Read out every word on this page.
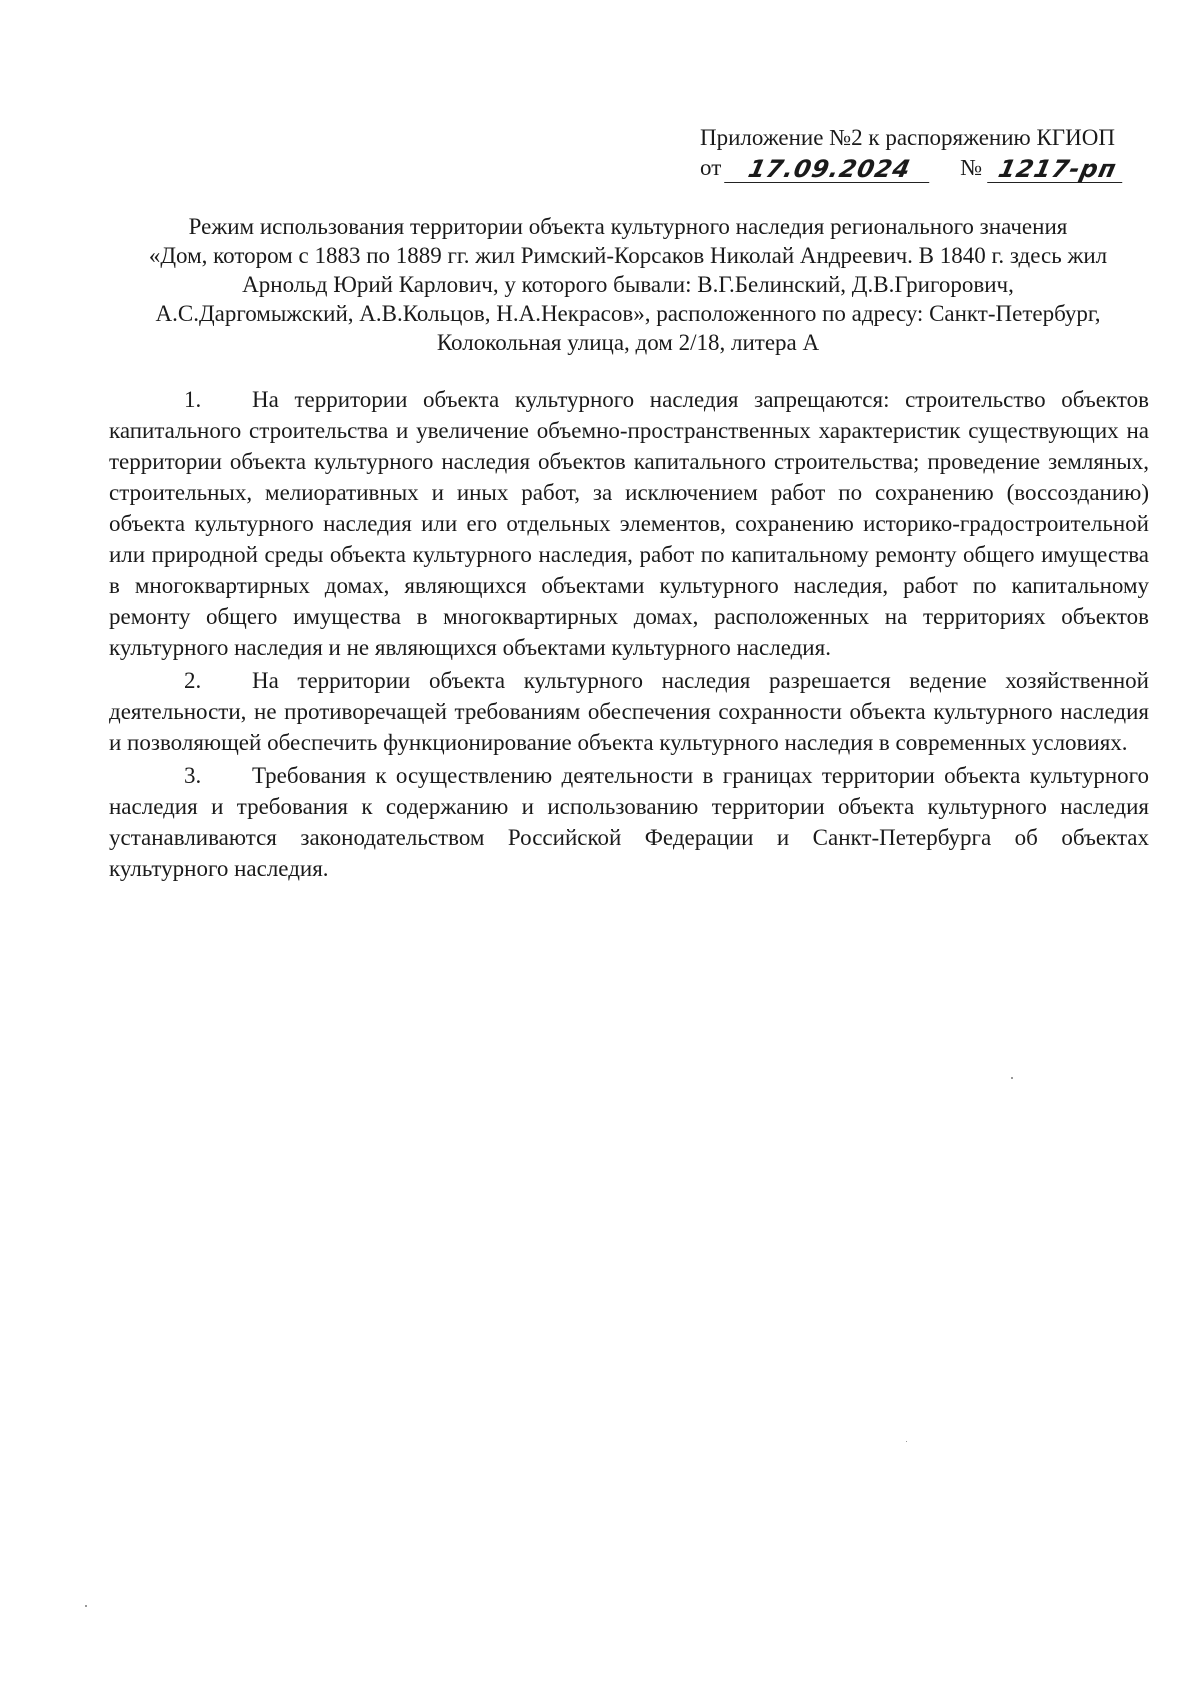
Приложение №2 к распоряжению КГИОП
от	17.09.2024	№ 1217-рп
Режим использования территории объекта культурного наследия регионального значения
«Дом, котором с 1883 по 1889 гг. жил Римский-Корсаков Николай Андреевич. В 1840 г. здесь жил
Арнольд Юрий Карлович, у которого бывали: В.Г.Белинский, Д.В.Григорович,
А.С.Даргомыжский, А.В.Кольцов, Н.А.Некрасов», расположенного по адресу: Санкт-Петербург,
Колокольная улица, дом 2/18, литера А

1. На территории объекта культурного наследия запрещаются: строительство объектов капитального строительства и увеличение объемно-пространственных характеристик существующих на территории объекта культурного наследия объектов капитального строительства; проведение земляных, строительных, мелиоративных и иных работ, за исключением работ по сохранению (воссозданию) объекта культурного наследия или его отдельных элементов, сохранению историко-градостроительной или природной среды объекта культурного наследия, работ по капитальному ремонту общего имущества в многоквартирных домах, являющихся объектами культурного наследия, работ по капитальному ремонту общего имущества в многоквартирных домах, расположенных на территориях объектов культурного наследия и не являющихся объектами культурного наследия.

2. На территории объекта культурного наследия разрешается ведение хозяйственной деятельности, не противоречащей требованиям обеспечения сохранности объекта культурного наследия и позволяющей обеспечить функционирование объекта культурного наследия в современных условиях.

3. Требования к осуществлению деятельности в границах территории объекта культурного наследия и требования к содержанию и использованию территории объекта культурного наследия устанавливаются законодательством Российской Федерации и Санкт-Петербурга об объектах культурного наследия.
